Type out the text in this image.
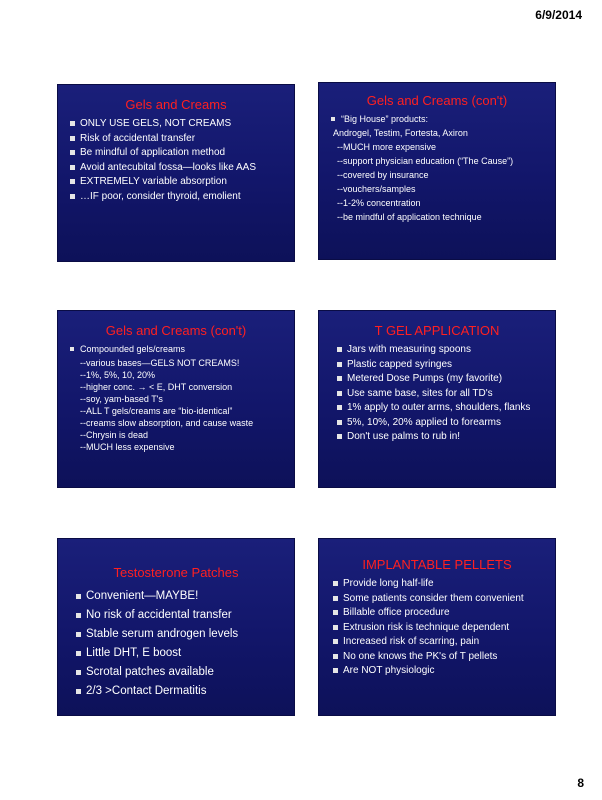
6/9/2014
Gels and Creams
ONLY USE GELS, NOT CREAMS
Risk of accidental transfer
Be mindful of application method
Avoid antecubital fossa—looks like AAS
EXTREMELY variable absorption
…IF poor, consider thyroid, emolient
Gels and Creams (con't)
“Big House” products:
Androgel, Testim, Fortesta, Axiron
--MUCH more expensive
--support physician education (“The Cause”)
--covered by insurance
--vouchers/samples
--1-2% concentration
--be mindful of application technique
Gels and Creams (con't)
Compounded gels/creams
--various bases—GELS NOT CREAMS!
--1%, 5%, 10, 20%
--higher conc. → < E, DHT conversion
--soy, yam-based T's
--ALL T gels/creams are “bio-identical”
--creams slow absorption, and cause waste
--Chrysin is dead
--MUCH less expensive
T GEL APPLICATION
Jars with measuring spoons
Plastic capped syringes
Metered Dose Pumps (my favorite)
Use same base, sites for all TD's
1% apply to outer arms, shoulders, flanks
5%, 10%, 20% applied to forearms
Don't use palms to rub in!
Testosterone Patches
Convenient—MAYBE!
No risk of accidental transfer
Stable serum androgen levels
Little DHT, E boost
Scrotal patches available
2/3 >Contact Dermatitis
IMPLANTABLE PELLETS
Provide long half-life
Some patients consider them convenient
Billable office procedure
Extrusion risk is technique dependent
Increased risk of scarring, pain
No one knows the PK's of T pellets
Are NOT physiologic
8
